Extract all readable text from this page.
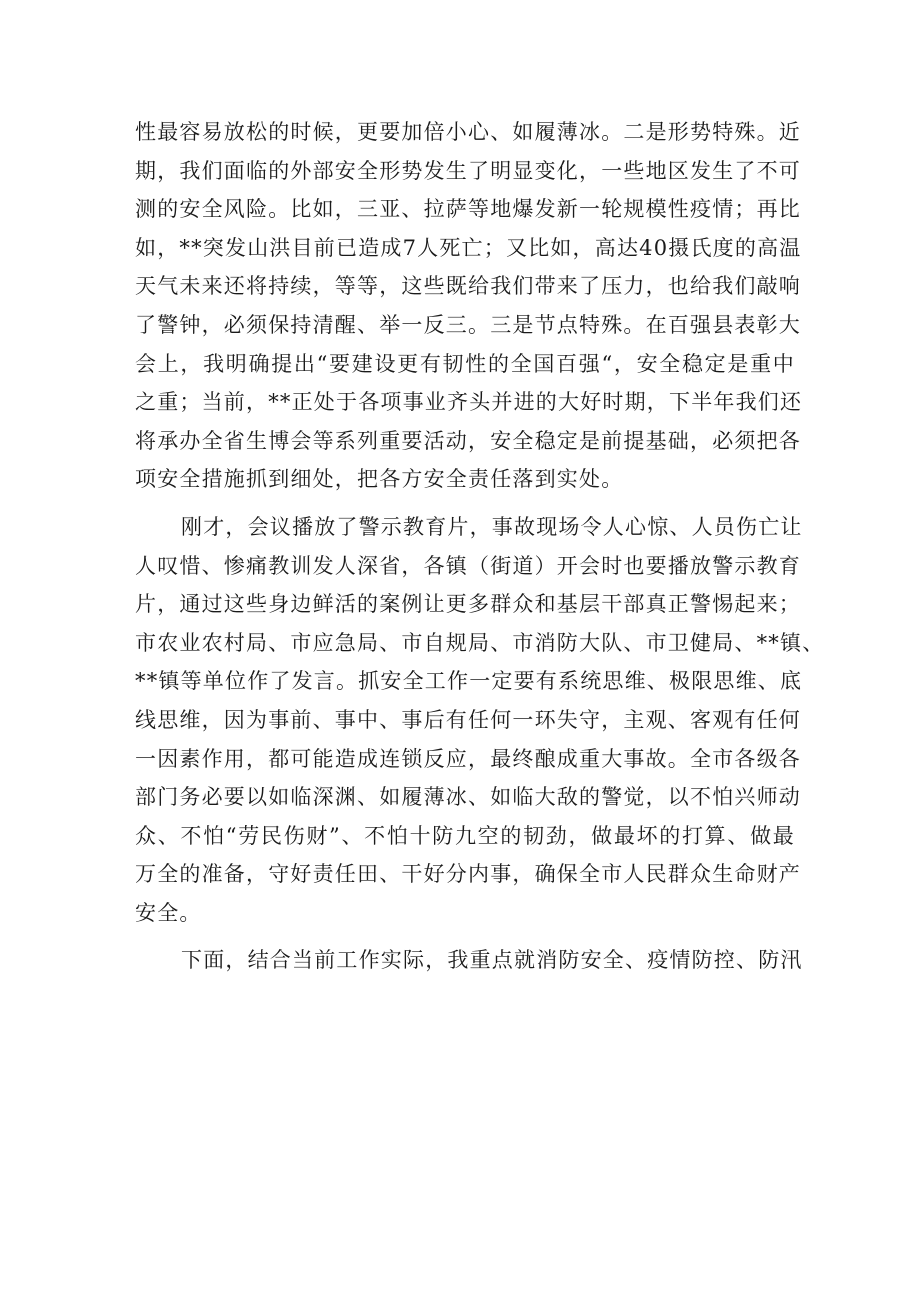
性最容易放松的时候，更要加倍小心、如履薄冰。二是形势特殊。近
期，我们面临的外部安全形势发生了明显变化，一些地区发生了不可
测的安全风险。比如，三亚、拉萨等地爆发新一轮规模性疫情；再比
如，**突发山洪目前已造成7人死亡；又比如，高达40摄氏度的高温
天气未来还将持续，等等，这些既给我们带来了压力，也给我们敲响
了警钟，必须保持清醒、举一反三。三是节点特殊。在百强县表彰大
会上，我明确提出“要建设更有韧性的全国百强“，安全稳定是重中
之重；当前，**正处于各项事业齐头并进的大好时期，下半年我们还
将承办全省生博会等系列重要活动，安全稳定是前提基础，必须把各
项安全措施抓到细处，把各方安全责任落到实处。
刚才，会议播放了警示教育片，事故现场令人心惊、人员伤亡让
人叹惜、惨痛教训发人深省，各镇（街道）开会时也要播放警示教育
片，通过这些身边鲜活的案例让更多群众和基层干部真正警惕起来；
市农业农村局、市应急局、市自规局、市消防大队、市卫健局、**镇、
**镇等单位作了发言。抓安全工作一定要有系统思维、极限思维、底
线思维，因为事前、事中、事后有任何一环失守，主观、客观有任何
一因素作用，都可能造成连锁反应，最终酿成重大事故。全市各级各
部门务必要以如临深渊、如履薄冰、如临大敌的警觉，以不怕兴师动
众、不怕“劳民伤财”、不怕十防九空的韧劲，做最坏的打算、做最
万全的准备，守好责任田、干好分内事，确保全市人民群众生命财产
安全。
下面，结合当前工作实际，我重点就消防安全、疫情防控、防汛
